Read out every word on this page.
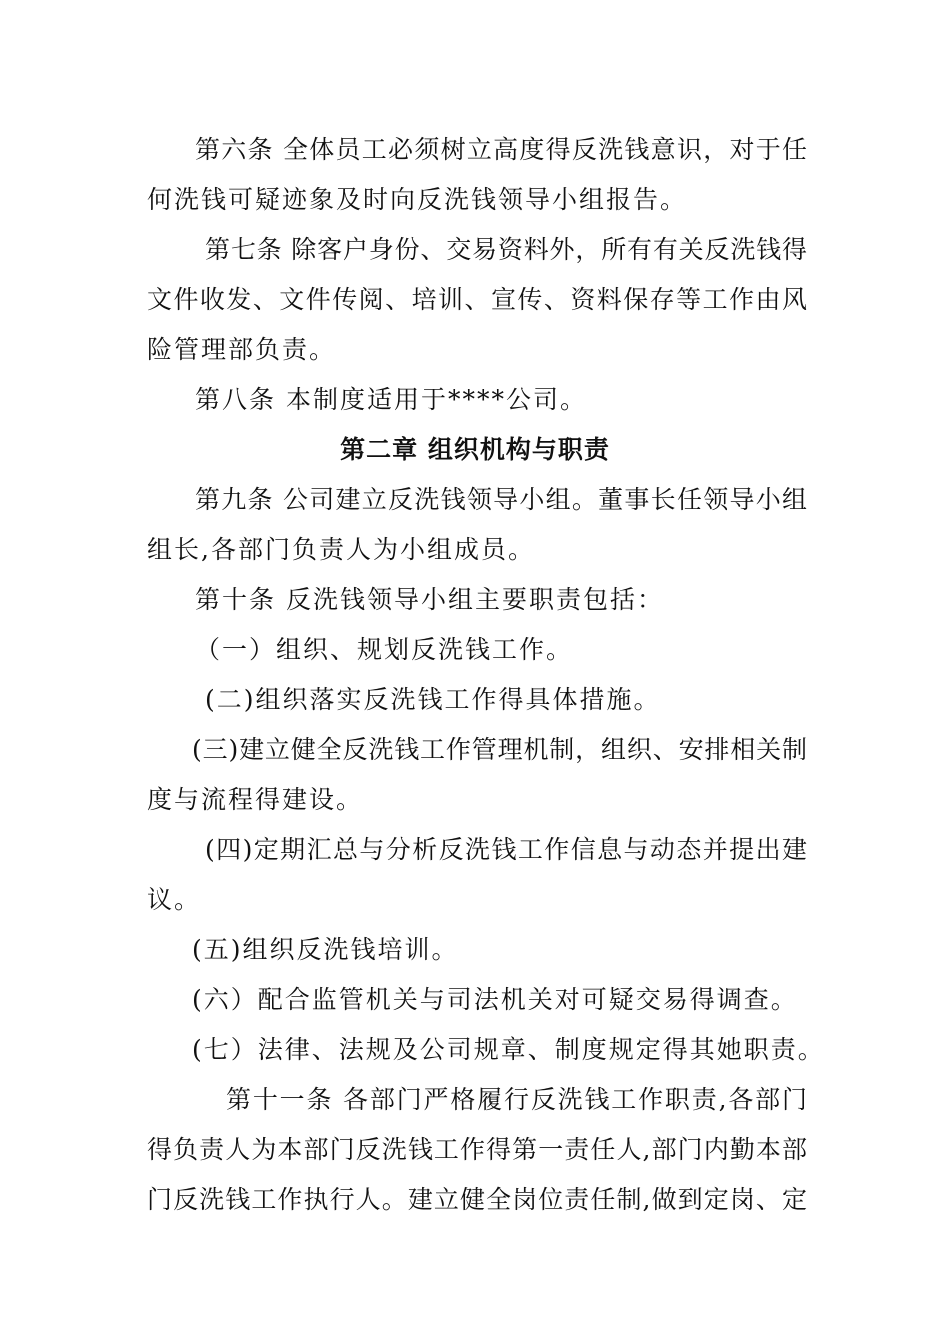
第六条 全体员工必须树立高度得反洗钱意识，对于任
何洗钱可疑迹象及时向反洗钱领导小组报告。
第七条 除客户身份、交易资料外，所有有关反洗钱得
文件收发、文件传阅、培训、宣传、资料保存等工作由风
险管理部负责。
第八条 本制度适用于****公司。
第二章 组织机构与职责
第九条 公司建立反洗钱领导小组。董事长任领导小组
组长,各部门负责人为小组成员。
第十条 反洗钱领导小组主要职责包括：
（一）组织、规划反洗钱工作。
(二)组织落实反洗钱工作得具体措施。
(三)建立健全反洗钱工作管理机制，组织、安排相关制
度与流程得建设。
(四)定期汇总与分析反洗钱工作信息与动态并提出建
议。
(五)组织反洗钱培训。
(六）配合监管机关与司法机关对可疑交易得调查。
(七）法律、法规及公司规章、制度规定得其她职责。
第十一条 各部门严格履行反洗钱工作职责,各部门
得负责人为本部门反洗钱工作得第一责任人,部门内勤本部
门反洗钱工作执行人。建立健全岗位责任制,做到定岗、定
